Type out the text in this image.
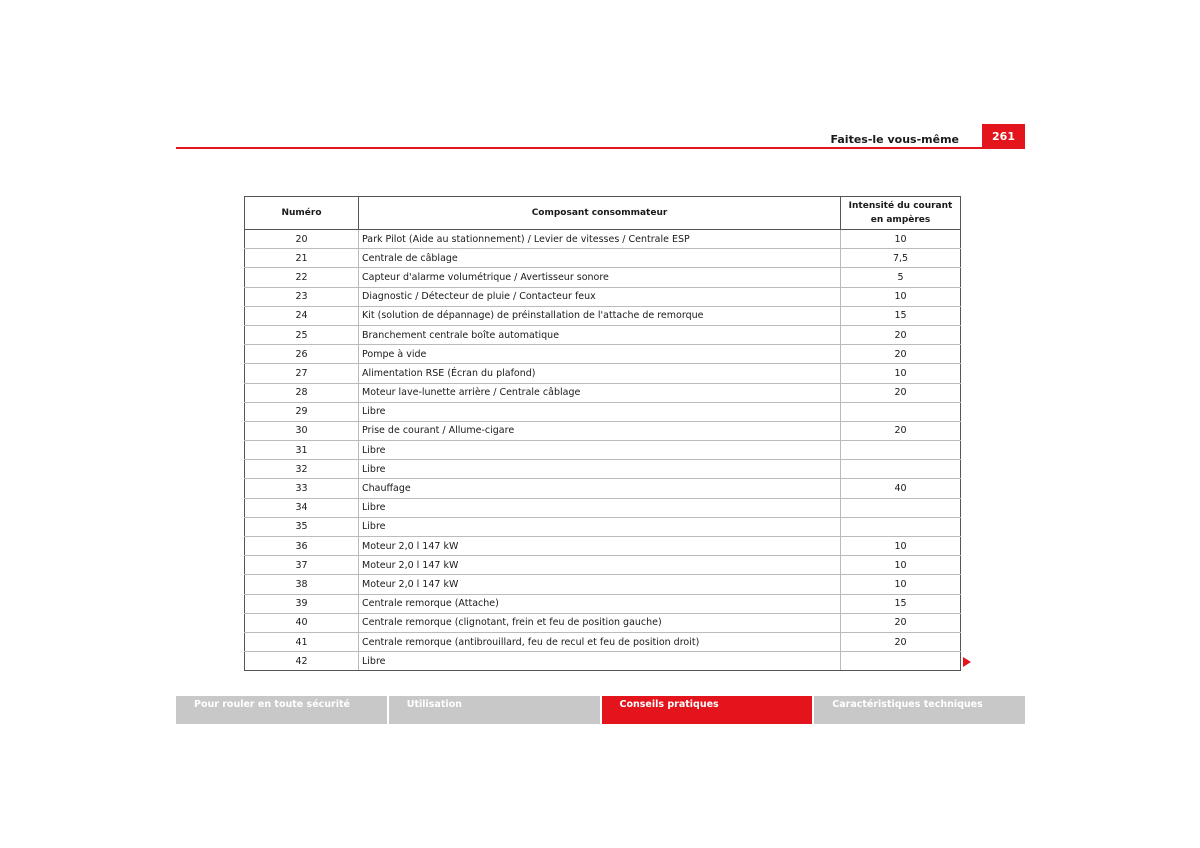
Faites-le vous-même	261
Numéro	Composant consommateur	Intensité du courant en ampères
20	Park Pilot (Aide au stationnement) / Levier de vitesses / Centrale ESP	10
21	Centrale de câblage	7,5
22	Capteur d'alarme volumétrique / Avertisseur sonore	5
23	Diagnostic / Détecteur de pluie / Contacteur feux	10
24	Kit (solution de dépannage) de préinstallation de l'attache de remorque	15
25	Branchement centrale boîte automatique	20
26	Pompe à vide	20
27	Alimentation RSE (Écran du plafond)	10
28	Moteur lave-lunette arrière / Centrale câblage	20
29	Libre	
30	Prise de courant / Allume-cigare	20
31	Libre	
32	Libre	
33	Chauffage	40
34	Libre	
35	Libre	
36	Moteur 2,0 l 147 kW	10
37	Moteur 2,0 l 147 kW	10
38	Moteur 2,0 l 147 kW	10
39	Centrale remorque (Attache)	15
40	Centrale remorque (clignotant, frein et feu de position gauche)	20
41	Centrale remorque (antibrouillard, feu de recul et feu de position droit)	20
42	Libre	
Pour rouler en toute sécurité	Utilisation	Conseils pratiques	Caractéristiques techniques
